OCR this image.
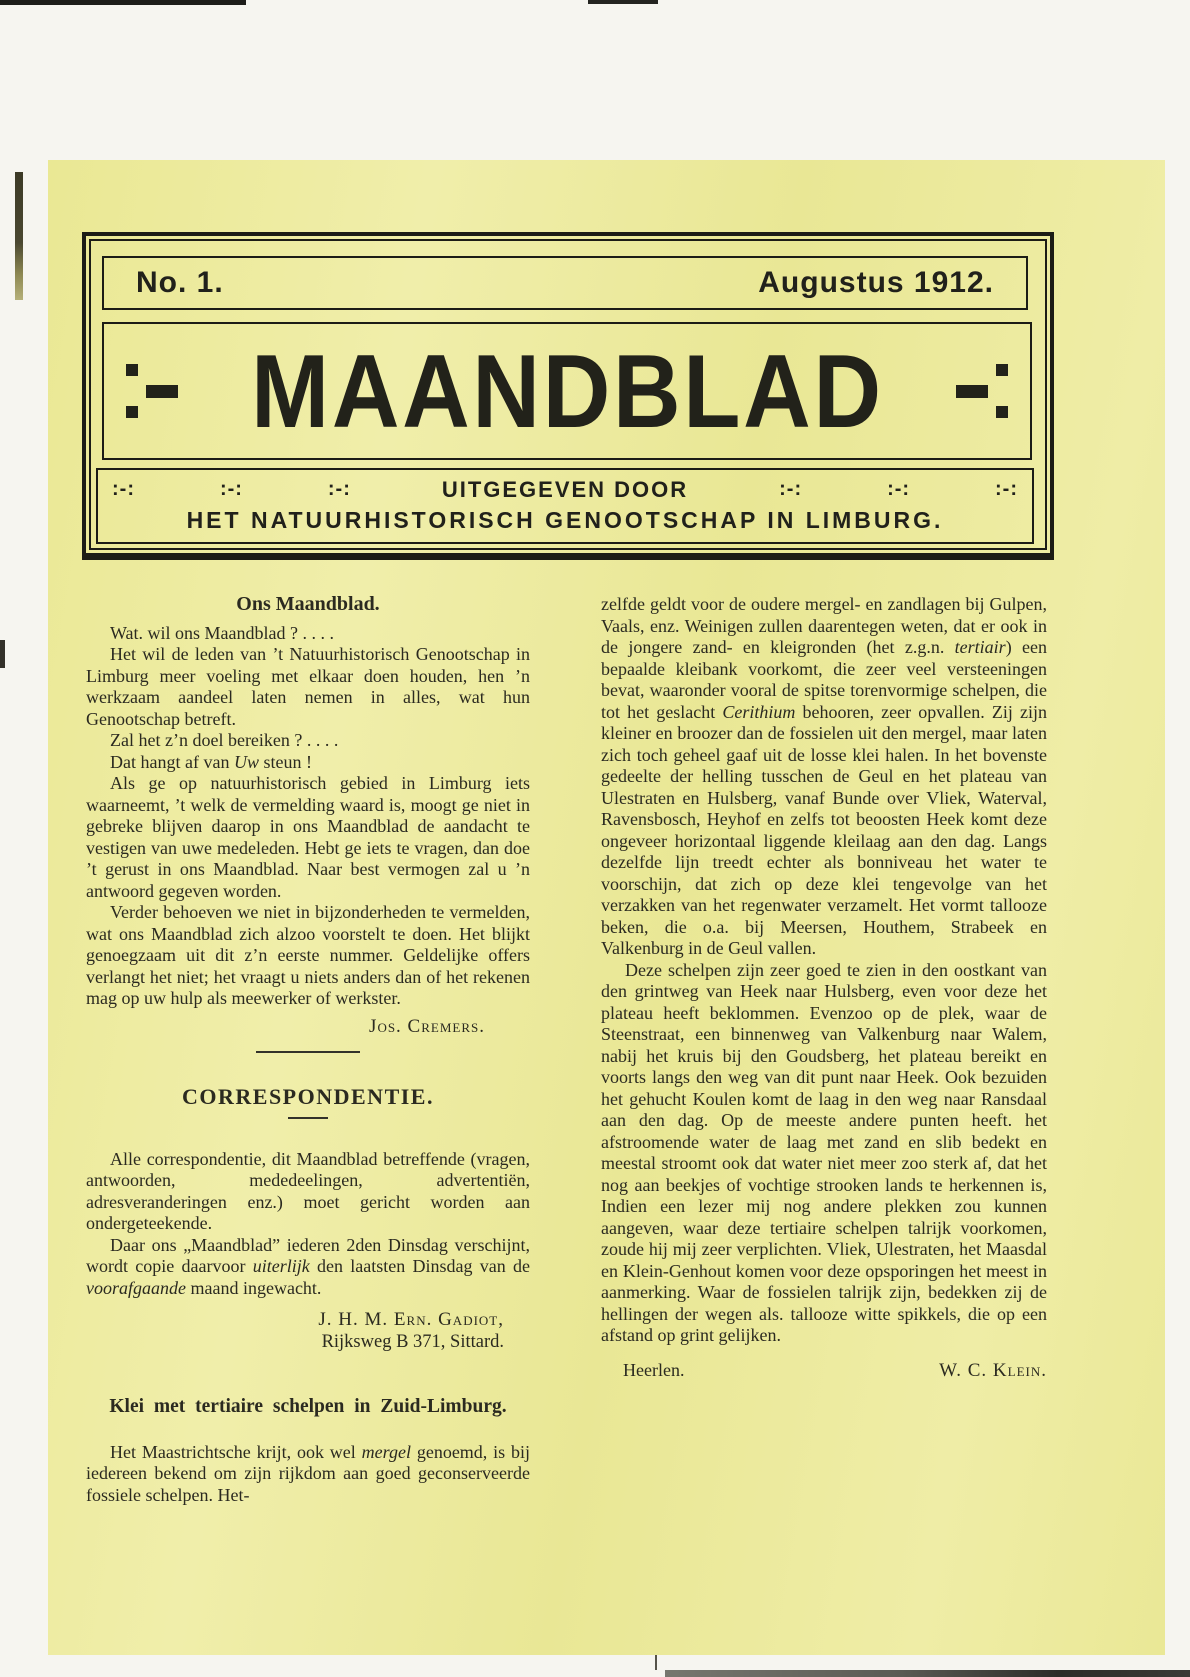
No. 1.	Augustus 1912.
MAANDBLAD
:-:	:-:	:-:	UITGEGEVEN DOOR	:-:	:-:	:-:
HET NATUURHISTORISCH GENOOTSCHAP IN LIMBURG.
Ons Maandblad.

Wat. wil ons Maandblad ? . . . .

Het wil de leden van ’t Natuurhistorisch Genootschap in Limburg meer voeling met elkaar doen houden, hen ’n werkzaam aandeel laten nemen in alles, wat hun Genootschap betreft.

Zal het z’n doel bereiken ? . . . .

Dat hangt af van Uw steun !

Als ge op natuurhistorisch gebied in Limburg iets waarneemt, ’t welk de vermelding waard is, moogt ge niet in gebreke blijven daarop in ons Maandblad de aandacht te vestigen van uwe medeleden. Hebt ge iets te vragen, dan doe ’t gerust in ons Maandblad. Naar best vermogen zal u ’n antwoord gegeven worden.

Verder behoeven we niet in bijzonderheden te vermelden, wat ons Maandblad zich alzoo voorstelt te doen. Het blijkt genoegzaam uit dit z’n eerste nummer. Geldelijke offers verlangt het niet; het vraagt u niets anders dan of het rekenen mag op uw hulp als meewerker of werkster.

Jos. Cremers.
CORRESPONDENTIE.

Alle correspondentie, dit Maandblad betreffende (vragen, antwoorden, mededeelingen, advertentiën, adresveranderingen enz.) moet gericht worden aan ondergeteekende.

Daar ons „Maandblad” iederen 2den Dinsdag verschijnt, wordt copie daarvoor uiterlijk den laatsten Dinsdag van de voorafgaande maand ingewacht.

J. H. M. Ern. Gadiot,
Rijksweg B 371, Sittard.
Klei met tertiaire schelpen in Zuid-Limburg.

Het Maastrichtsche krijt, ook wel mergel genoemd, is bij iedereen bekend om zijn rijkdom aan goed geconserveerde fossiele schelpen. Het-

zelfde geldt voor de oudere mergel- en zandlagen bij Gulpen, Vaals, enz. Weinigen zullen daarentegen weten, dat er ook in de jongere zand- en kleigronden (het z.g.n. tertiair) een bepaalde kleibank voorkomt, die zeer veel versteeningen bevat, waaronder vooral de spitse torenvormige schelpen, die tot het geslacht Cerithium behooren, zeer opvallen. Zij zijn kleiner en broozer dan de fossielen uit den mergel, maar laten zich toch geheel gaaf uit de losse klei halen. In het bovenste gedeelte der helling tusschen de Geul en het plateau van Ulestraten en Hulsberg, vanaf Bunde over Vliek, Waterval, Ravensbosch, Heyhof en zelfs tot beoosten Heek komt deze ongeveer horizontaal liggende kleilaag aan den dag. Langs dezelfde lijn treedt echter als bonniveau het water te voorschijn, dat zich op deze klei tengevolge van het verzakken van het regenwater verzamelt. Het vormt tallooze beken, die o.a. bij Meersen, Houthem, Strabeek en Valkenburg in de Geul vallen.

Deze schelpen zijn zeer goed te zien in den oostkant van den grintweg van Heek naar Hulsberg, even voor deze het plateau heeft beklommen. Evenzoo op de plek, waar de Steenstraat, een binnenweg van Valkenburg naar Walem, nabij het kruis bij den Goudsberg, het plateau bereikt en voorts langs den weg van dit punt naar Heek. Ook bezuiden het gehucht Koulen komt de laag in den weg naar Ransdaal aan den dag. Op de meeste andere punten heeft. het afstroomende water de laag met zand en slib bedekt en meestal stroomt ook dat water niet meer zoo sterk af, dat het nog aan beekjes of vochtige strooken lands te herkennen is, Indien een lezer mij nog andere plekken zou kunnen aangeven, waar deze tertiaire schelpen talrijk voorkomen, zoude hij mij zeer verplichten. Vliek, Ulestraten, het Maasdal en Klein-Genhout komen voor deze opsporingen het meest in aanmerking. Waar de fossielen talrijk zijn, bedekken zij de hellingen der wegen als. tallooze witte spikkels, die op een afstand op grint gelijken.

Heerlen.	W. C. Klein.
